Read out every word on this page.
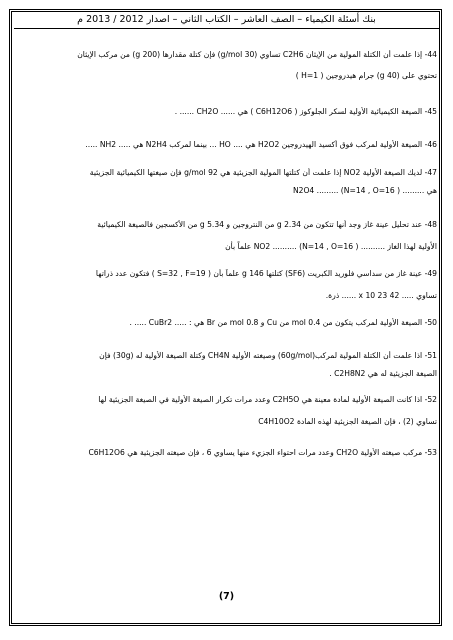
بنك أسئلة الكيمياء – الصف العاشر – الكتاب الثاني – اصدار 2012 / 2013 م
44- إذا علمت أن الكتلة المولية من الإيثان C2H6 تساوي (30 g/mol) فإن كتلة مقدارها (200 g) من مركب الإيثان
تحتوي على (40 g) جرام هيدروجين ( H=1 )
45- الصيغة الكيميائية الأولية لسكر الجلوكوز ( C6H12O6 ) هي ...... CH2O ...... .
46- الصيغة الأولية لمركب فوق أكسيد الهيدروجين H2O2 هي .... HO ... بينما لمركب N2H4 هي ..... NH2 .....
47- لديك الصيغة الأولية NO2 إذا علمت أن كتلتها المولية الجزيئية هي 92 g/mol فإن صيغتها الكيميائية الجزيئية
هي ......... N2O4 ......... (N=14 , O=16 )
48- عند تحليل عينة غاز وجد أنها تتكون من 2.34 g من النتروجين و 5.34 g من الأكسجين فالصيغة الكيميائية
الأولية لهذا الغاز .......... NO2 .......... (N=14 , O=16 ) علماً بأن
49- عينة غاز من سداسي فلوريد الكبريت (SF6) كتلتها 146 g علماً بأن ( S=32 , F=19 ) فتكون عدد ذراتها
تساوي ..... 42 x 10 23 ...... ذرة.
50- الصيغة الأولية لمركب يتكون من 0.4 mol من Cu و 0.8 mol من Br هي : ..... CuBr2 ..... .
51- اذا علمت أن الكتلة المولية لمركب(60g/mol) وصيغته الأولية CH4N وكتلة الصيغة الأولية له (30g) فإن
الصيغة الجزيئية له هي C2H8N2 .
52- اذا كانت الصيغة الأولية لمادة معينة هي C2H5O وعدد مرات تكرار الصيغة الأولية في الصيغة الجزيئية لها
تساوي (2) ، فإن الصيغة الجزيئية لهذه المادة C4H10O2
53- مركب صيغته الأولية CH2O وعدد مرات احتواء الجزيء منها يساوي 6 ، فإن صيغته الجزيئية هي C6H12O6
(7)
